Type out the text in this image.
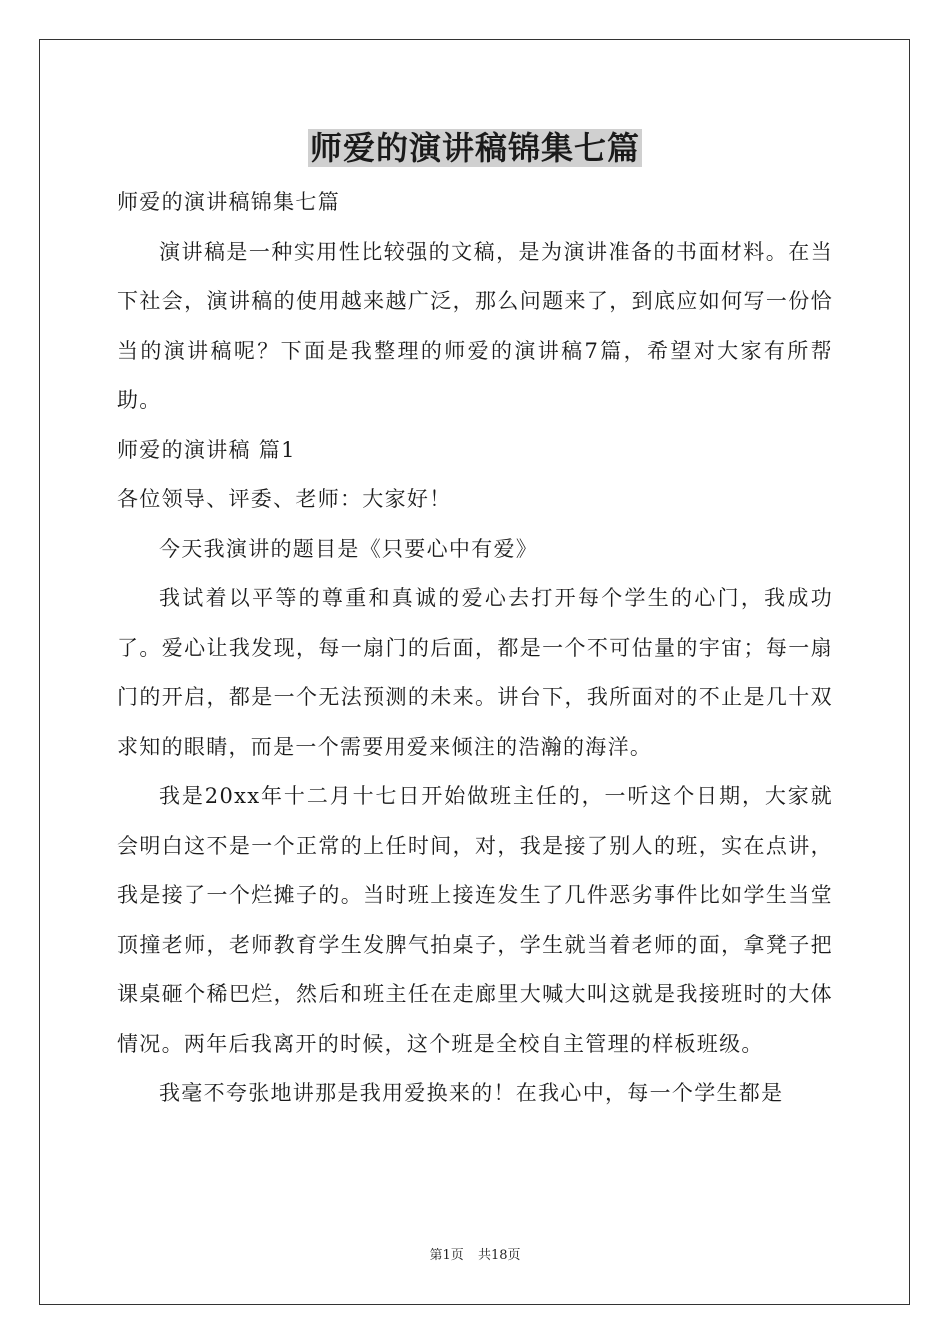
师爱的演讲稿锦集七篇

师爱的演讲稿锦集七篇

演讲稿是一种实用性比较强的文稿，是为演讲准备的书面材料。在当下社会，演讲稿的使用越来越广泛，那么问题来了，到底应如何写一份恰当的演讲稿呢？下面是我整理的师爱的演讲稿7篇，希望对大家有所帮助。

师爱的演讲稿 篇1

各位领导、评委、老师：大家好！

今天我演讲的题目是《只要心中有爱》

我试着以平等的尊重和真诚的爱心去打开每个学生的心门，我成功了。爱心让我发现，每一扇门的后面，都是一个不可估量的宇宙；每一扇门的开启，都是一个无法预测的未来。讲台下，我所面对的不止是几十双求知的眼睛，而是一个需要用爱来倾注的浩瀚的海洋。

我是20xx年十二月十七日开始做班主任的，一听这个日期，大家就会明白这不是一个正常的上任时间，对，我是接了别人的班，实在点讲，我是接了一个烂摊子的。当时班上接连发生了几件恶劣事件比如学生当堂顶撞老师，老师教育学生发脾气拍桌子，学生就当着老师的面，拿凳子把课桌砸个稀巴烂，然后和班主任在走廊里大喊大叫这就是我接班时的大体情况。两年后我离开的时候，这个班是全校自主管理的样板班级。

我毫不夸张地讲那是我用爱换来的！在我心中，每一个学生都是

第1页 共18页
